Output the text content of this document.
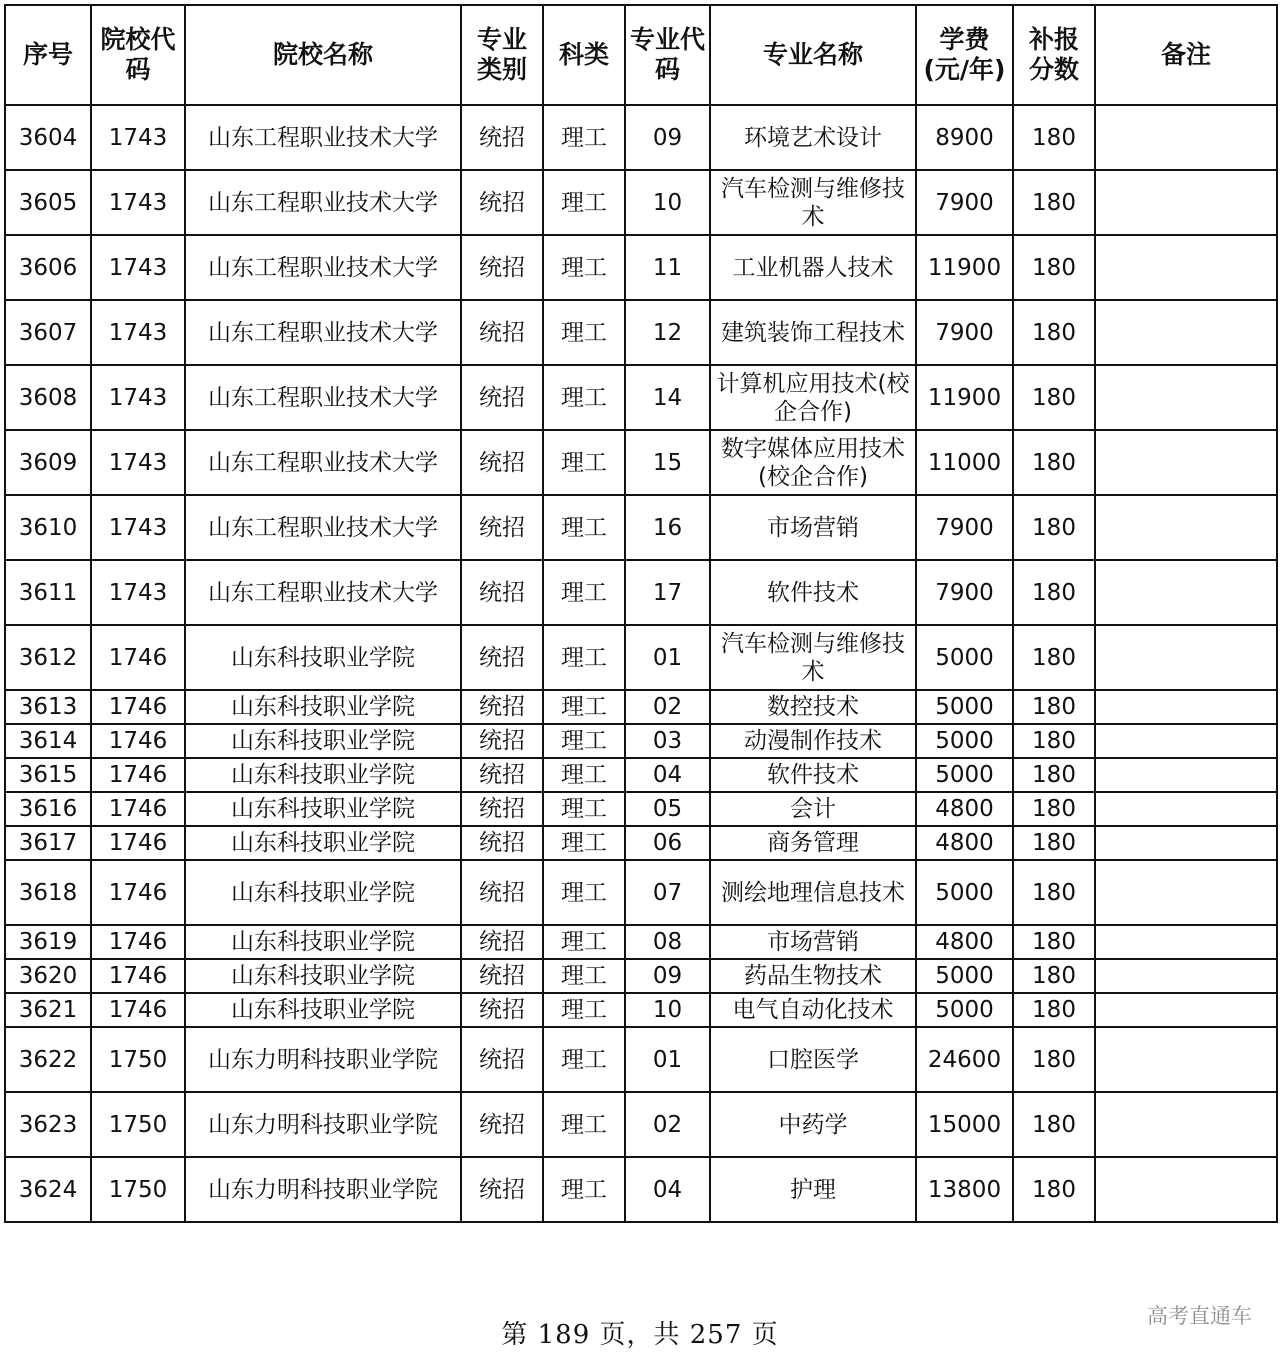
序号	院校代码	院校名称	专业类别	科类	专业代码	专业名称	学费(元/年)	补报分数	备注
3604	1743	山东工程职业技术大学	统招	理工	09	环境艺术设计	8900	180	
3605	1743	山东工程职业技术大学	统招	理工	10	汽车检测与维修技术	7900	180	
3606	1743	山东工程职业技术大学	统招	理工	11	工业机器人技术	11900	180	
3607	1743	山东工程职业技术大学	统招	理工	12	建筑装饰工程技术	7900	180	
3608	1743	山东工程职业技术大学	统招	理工	14	计算机应用技术(校企合作)	11900	180	
3609	1743	山东工程职业技术大学	统招	理工	15	数字媒体应用技术(校企合作)	11000	180	
3610	1743	山东工程职业技术大学	统招	理工	16	市场营销	7900	180	
3611	1743	山东工程职业技术大学	统招	理工	17	软件技术	7900	180	
3612	1746	山东科技职业学院	统招	理工	01	汽车检测与维修技术	5000	180	
3613	1746	山东科技职业学院	统招	理工	02	数控技术	5000	180	
3614	1746	山东科技职业学院	统招	理工	03	动漫制作技术	5000	180	
3615	1746	山东科技职业学院	统招	理工	04	软件技术	5000	180	
3616	1746	山东科技职业学院	统招	理工	05	会计	4800	180	
3617	1746	山东科技职业学院	统招	理工	06	商务管理	4800	180	
3618	1746	山东科技职业学院	统招	理工	07	测绘地理信息技术	5000	180	
3619	1746	山东科技职业学院	统招	理工	08	市场营销	4800	180	
3620	1746	山东科技职业学院	统招	理工	09	药品生物技术	5000	180	
3621	1746	山东科技职业学院	统招	理工	10	电气自动化技术	5000	180	
3622	1750	山东力明科技职业学院	统招	理工	01	口腔医学	24600	180	
3623	1750	山东力明科技职业学院	统招	理工	02	中药学	15000	180	
3624	1750	山东力明科技职业学院	统招	理工	04	护理	13800	180	
第 189 页，共 257 页
高考直通车
